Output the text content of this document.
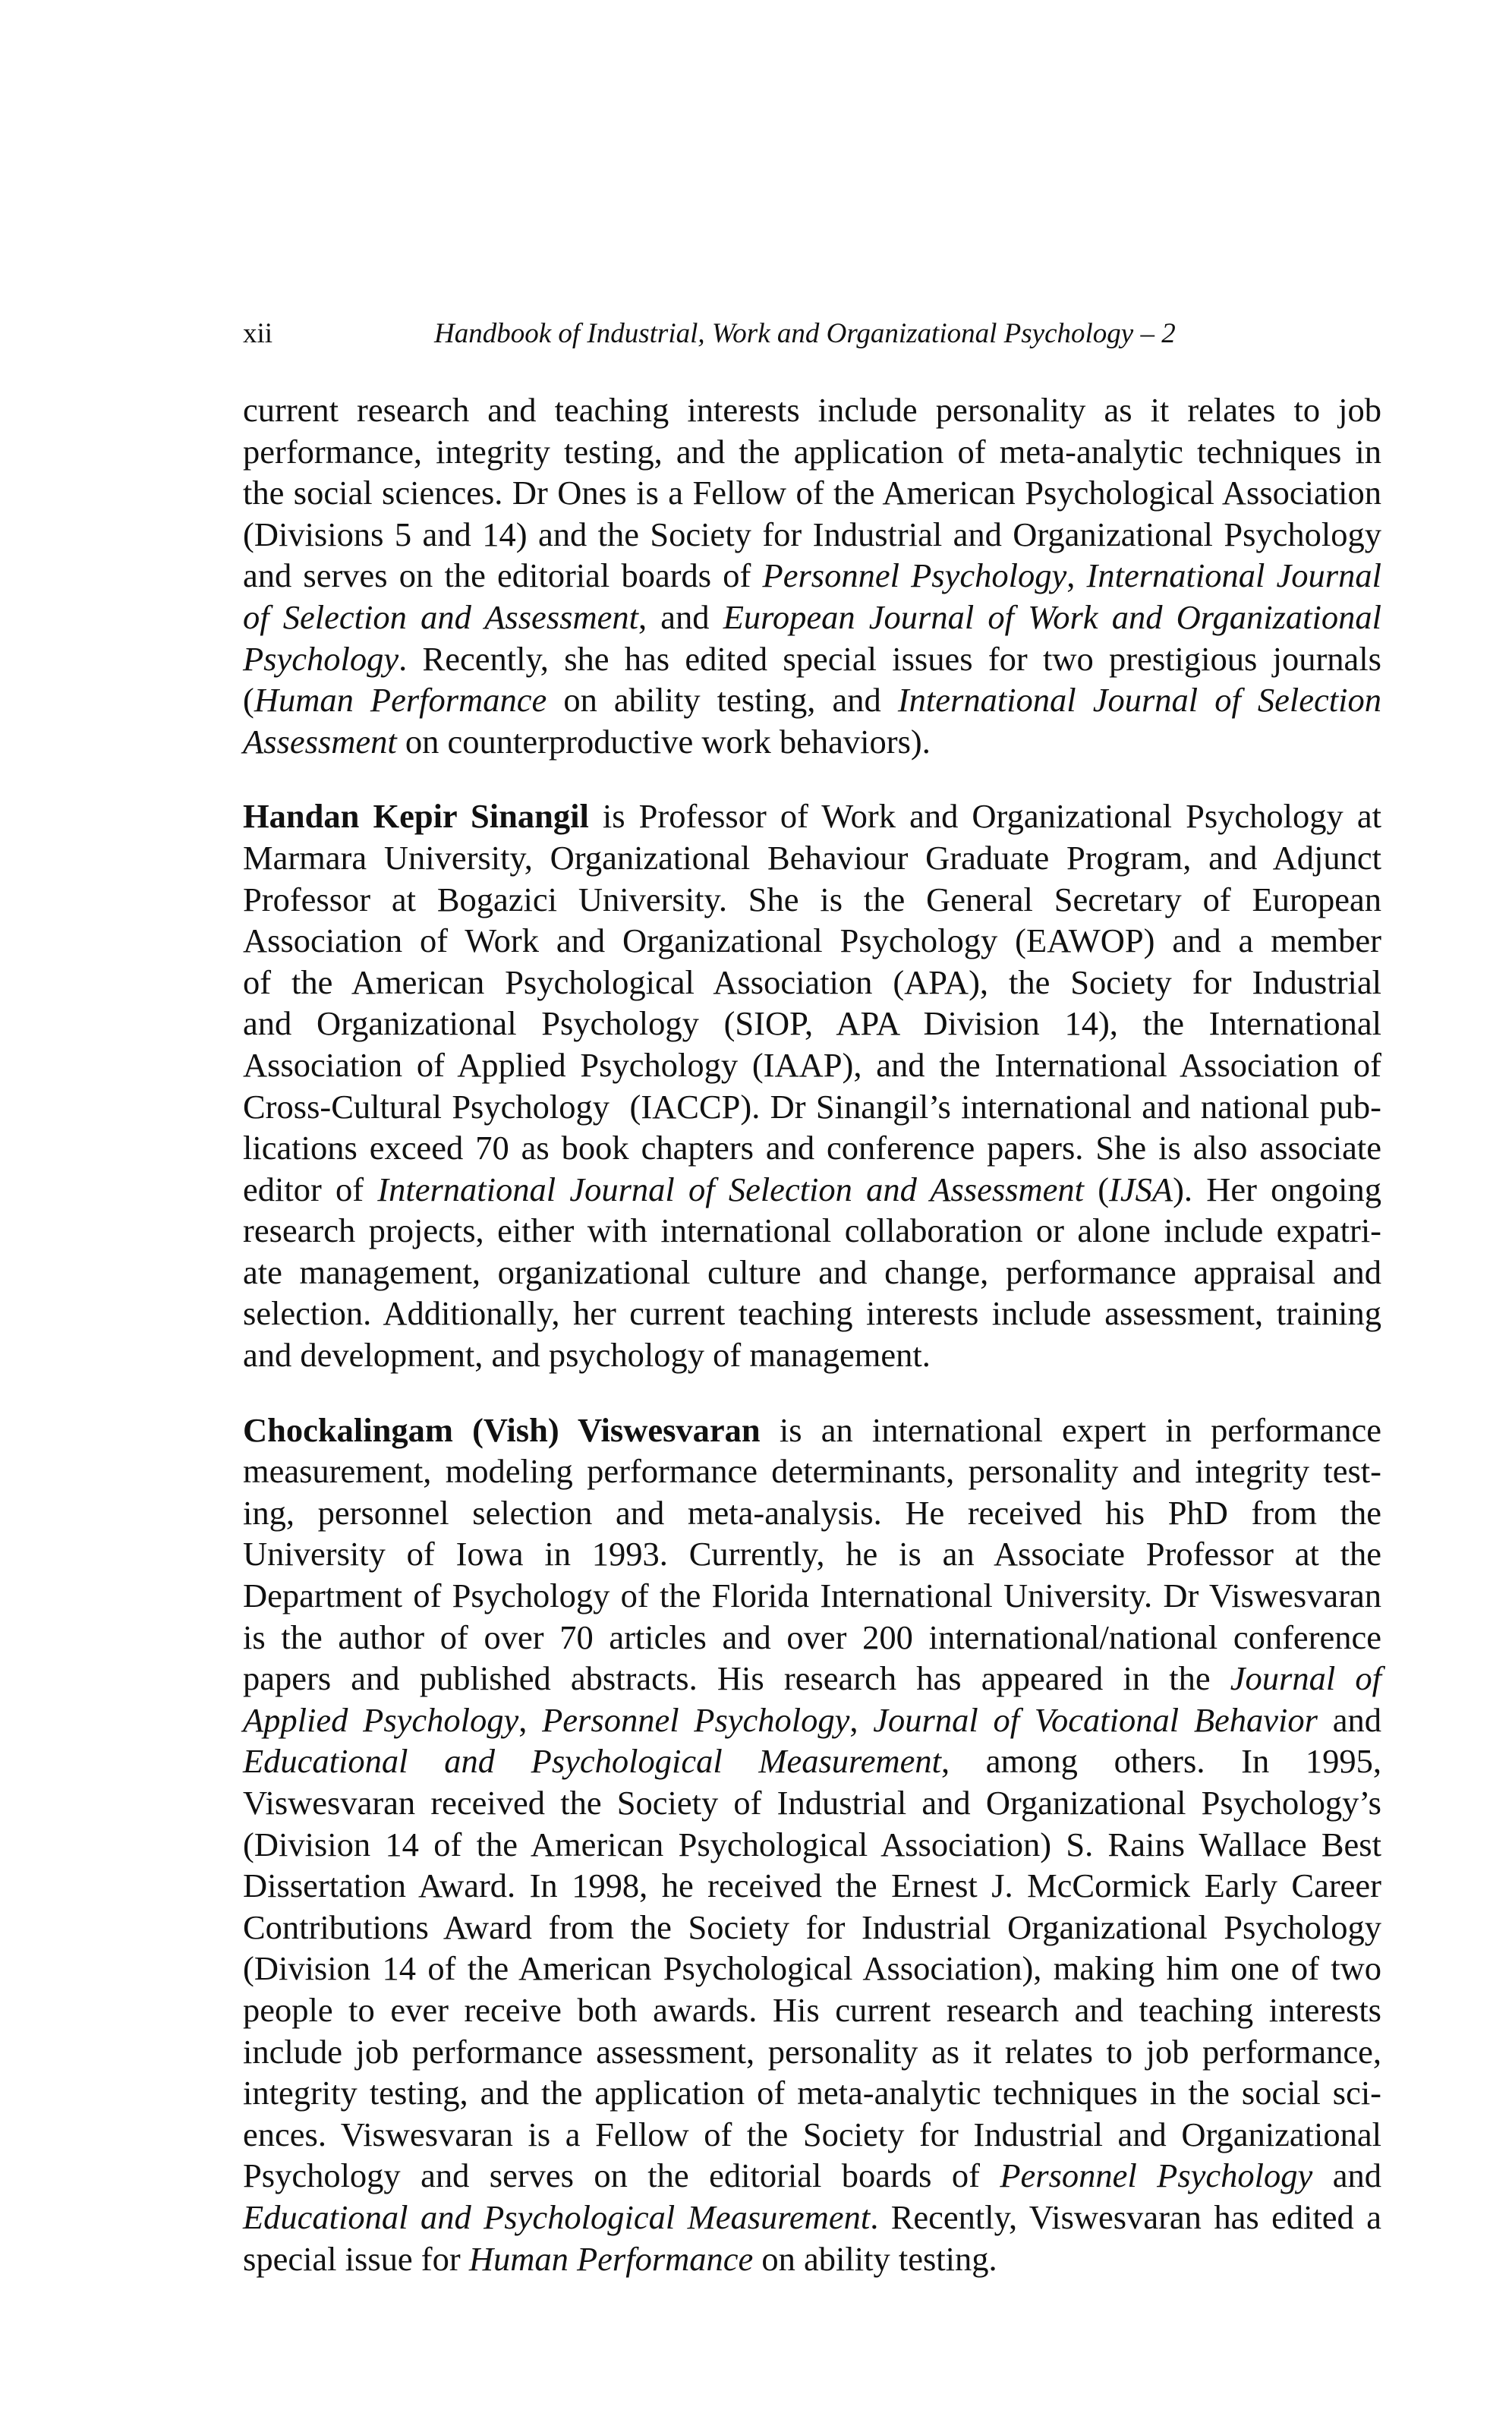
xii	Handbook of Industrial, Work and Organizational Psychology – 2

current research and teaching interests include personality as it relates to job
performance, integrity testing, and the application of meta-analytic techniques in
the social sciences. Dr Ones is a Fellow of the American Psychological Association
(Divisions 5 and 14) and the Society for Industrial and Organizational Psychology
and serves on the editorial boards of Personnel Psychology, International Journal
of Selection and Assessment, and European Journal of Work and Organizational
Psychology. Recently, she has edited special issues for two prestigious journals
(Human Performance on ability testing, and International Journal of Selection
Assessment on counterproductive work behaviors).

Handan Kepir Sinangil is Professor of Work and Organizational Psychology at
Marmara University, Organizational Behaviour Graduate Program, and Adjunct
Professor at Bogazici University. She is the General Secretary of European
Association of Work and Organizational Psychology (EAWOP) and a member
of the American Psychological Association (APA), the Society for Industrial
and Organizational Psychology (SIOP, APA Division 14), the International
Association of Applied Psychology (IAAP), and the International Association of
Cross-Cultural Psychology  (IACCP). Dr Sinangil’s international and national pub-
lications exceed 70 as book chapters and conference papers. She is also associate
editor of International Journal of Selection and Assessment (IJSA). Her ongoing
research projects, either with international collaboration or alone include expatri-
ate management, organizational culture and change, performance appraisal and
selection. Additionally, her current teaching interests include assessment, training
and development, and psychology of management.

Chockalingam (Vish) Viswesvaran is an international expert in performance
measurement, modeling performance determinants, personality and integrity test-
ing, personnel selection and meta-analysis. He received his PhD from the
University of Iowa in 1993. Currently, he is an Associate Professor at the
Department of Psychology of the Florida International University. Dr Viswesvaran
is the author of over 70 articles and over 200 international/national conference
papers and published abstracts. His research has appeared in the Journal of
Applied Psychology, Personnel Psychology, Journal of Vocational Behavior and
Educational and Psychological Measurement, among others. In 1995,
Viswesvaran received the Society of Industrial and Organizational Psychology’s
(Division 14 of the American Psychological Association) S. Rains Wallace Best
Dissertation Award. In 1998, he received the Ernest J. McCormick Early Career
Contributions Award from the Society for Industrial Organizational Psychology
(Division 14 of the American Psychological Association), making him one of two
people to ever receive both awards. His current research and teaching interests
include job performance assessment, personality as it relates to job performance,
integrity testing, and the application of meta-analytic techniques in the social sci-
ences. Viswesvaran is a Fellow of the Society for Industrial and Organizational
Psychology and serves on the editorial boards of Personnel Psychology and
Educational and Psychological Measurement. Recently, Viswesvaran has edited a
special issue for Human Performance on ability testing.
